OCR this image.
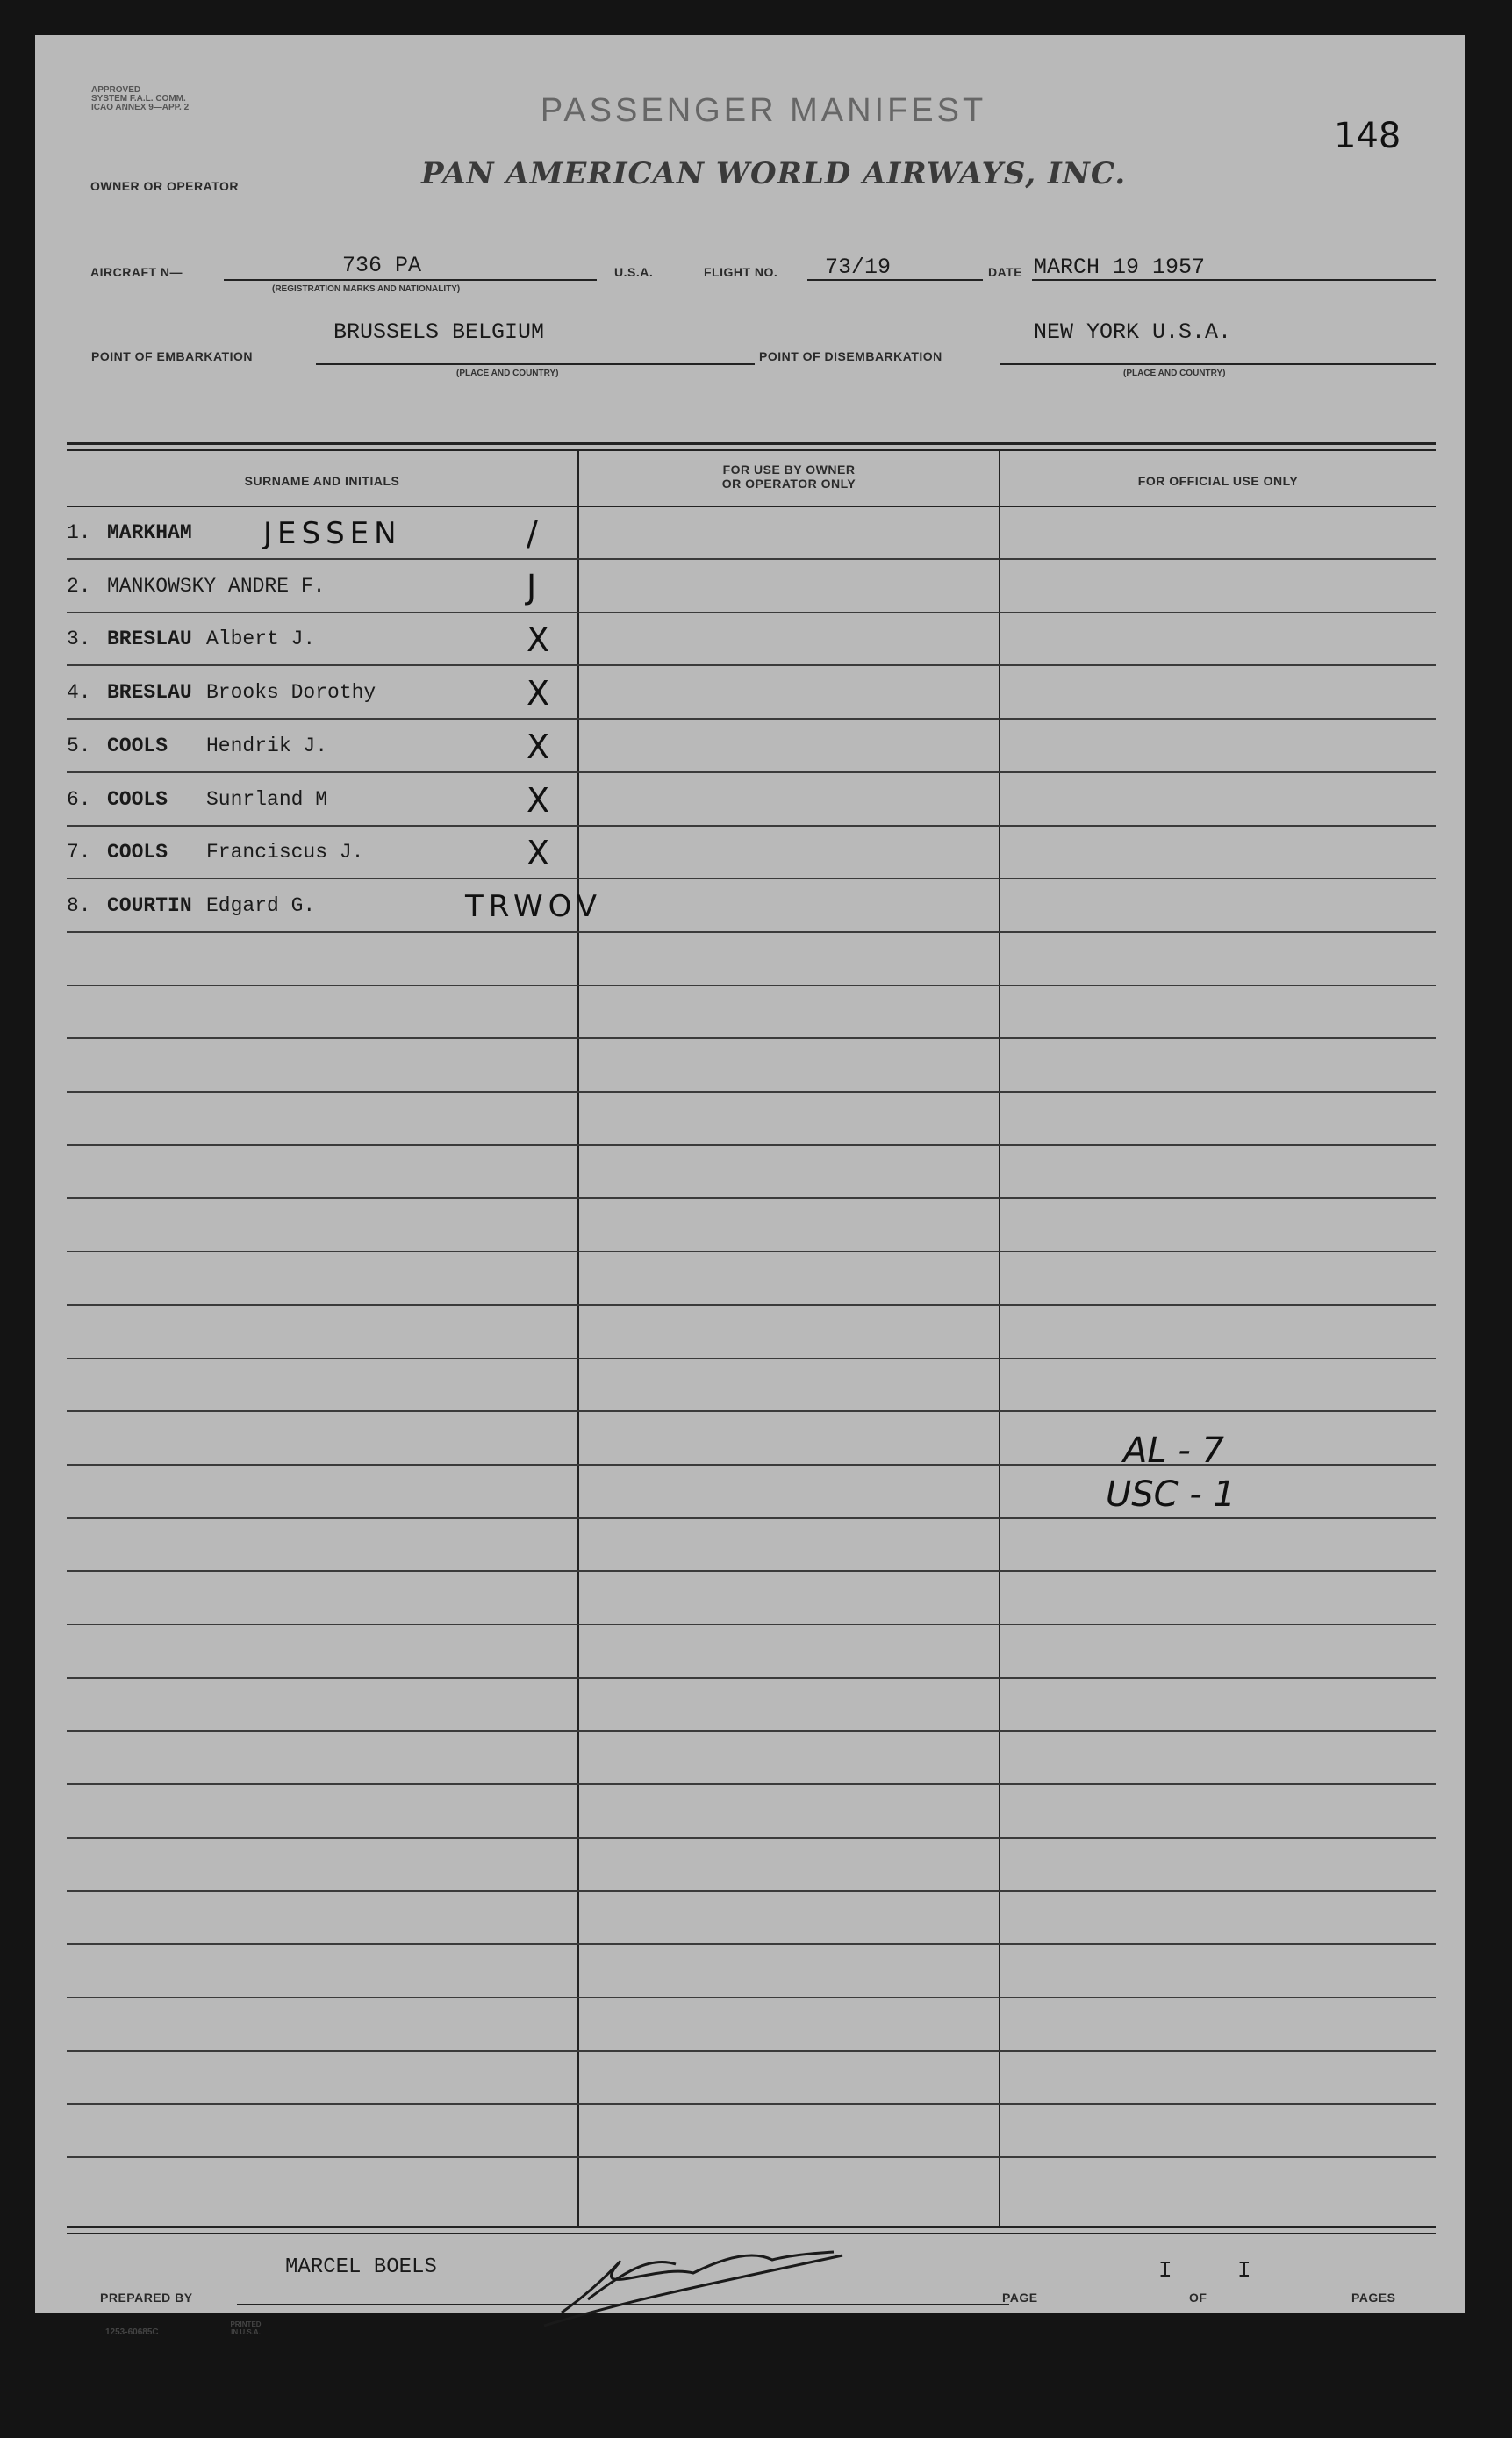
APPROVED
SYSTEM F.A.L. COMM.
ICAO ANNEX 9—APP. 2	PASSENGER MANIFEST
148
OWNER OR OPERATOR	PAN AMERICAN WORLD AIRWAYS, INC.
AIRCRAFT N—	736 PA
(REGISTRATION MARKS AND NATIONALITY)
U.S.A.	FLIGHT NO. 73/19	DATE MARCH 19 1957
POINT OF EMBARKATION
BRUSSELS BELGIUM
(PLACE AND COUNTRY)
POINT OF DISEMBARKATION
NEW YORK U.S.A.
(PLACE AND COUNTRY)
SURNAME AND INITIALS
FOR USE BY OWNER
OR OPERATOR ONLY	FOR OFFICIAL USE ONLY
1. MARKHAM JESSEN	/
2. MANKOWSKY ANDRE F.	J
3. BRESLAU Albert J.	X
4. BRESLAU Brooks Dorothy	X
5. COOLS Hendrik J.	X
6. COOLS Sunrland M	X
7. COOLS Franciscus J.	X
8. COURTIN Edgard G.	TRWOV
AL - 7
USC - 1
MARCEL BOELS
PREPARED BY	PAGE
I
OF
I
PAGES
1253-60685C
PRINTED IN U.S.A.
